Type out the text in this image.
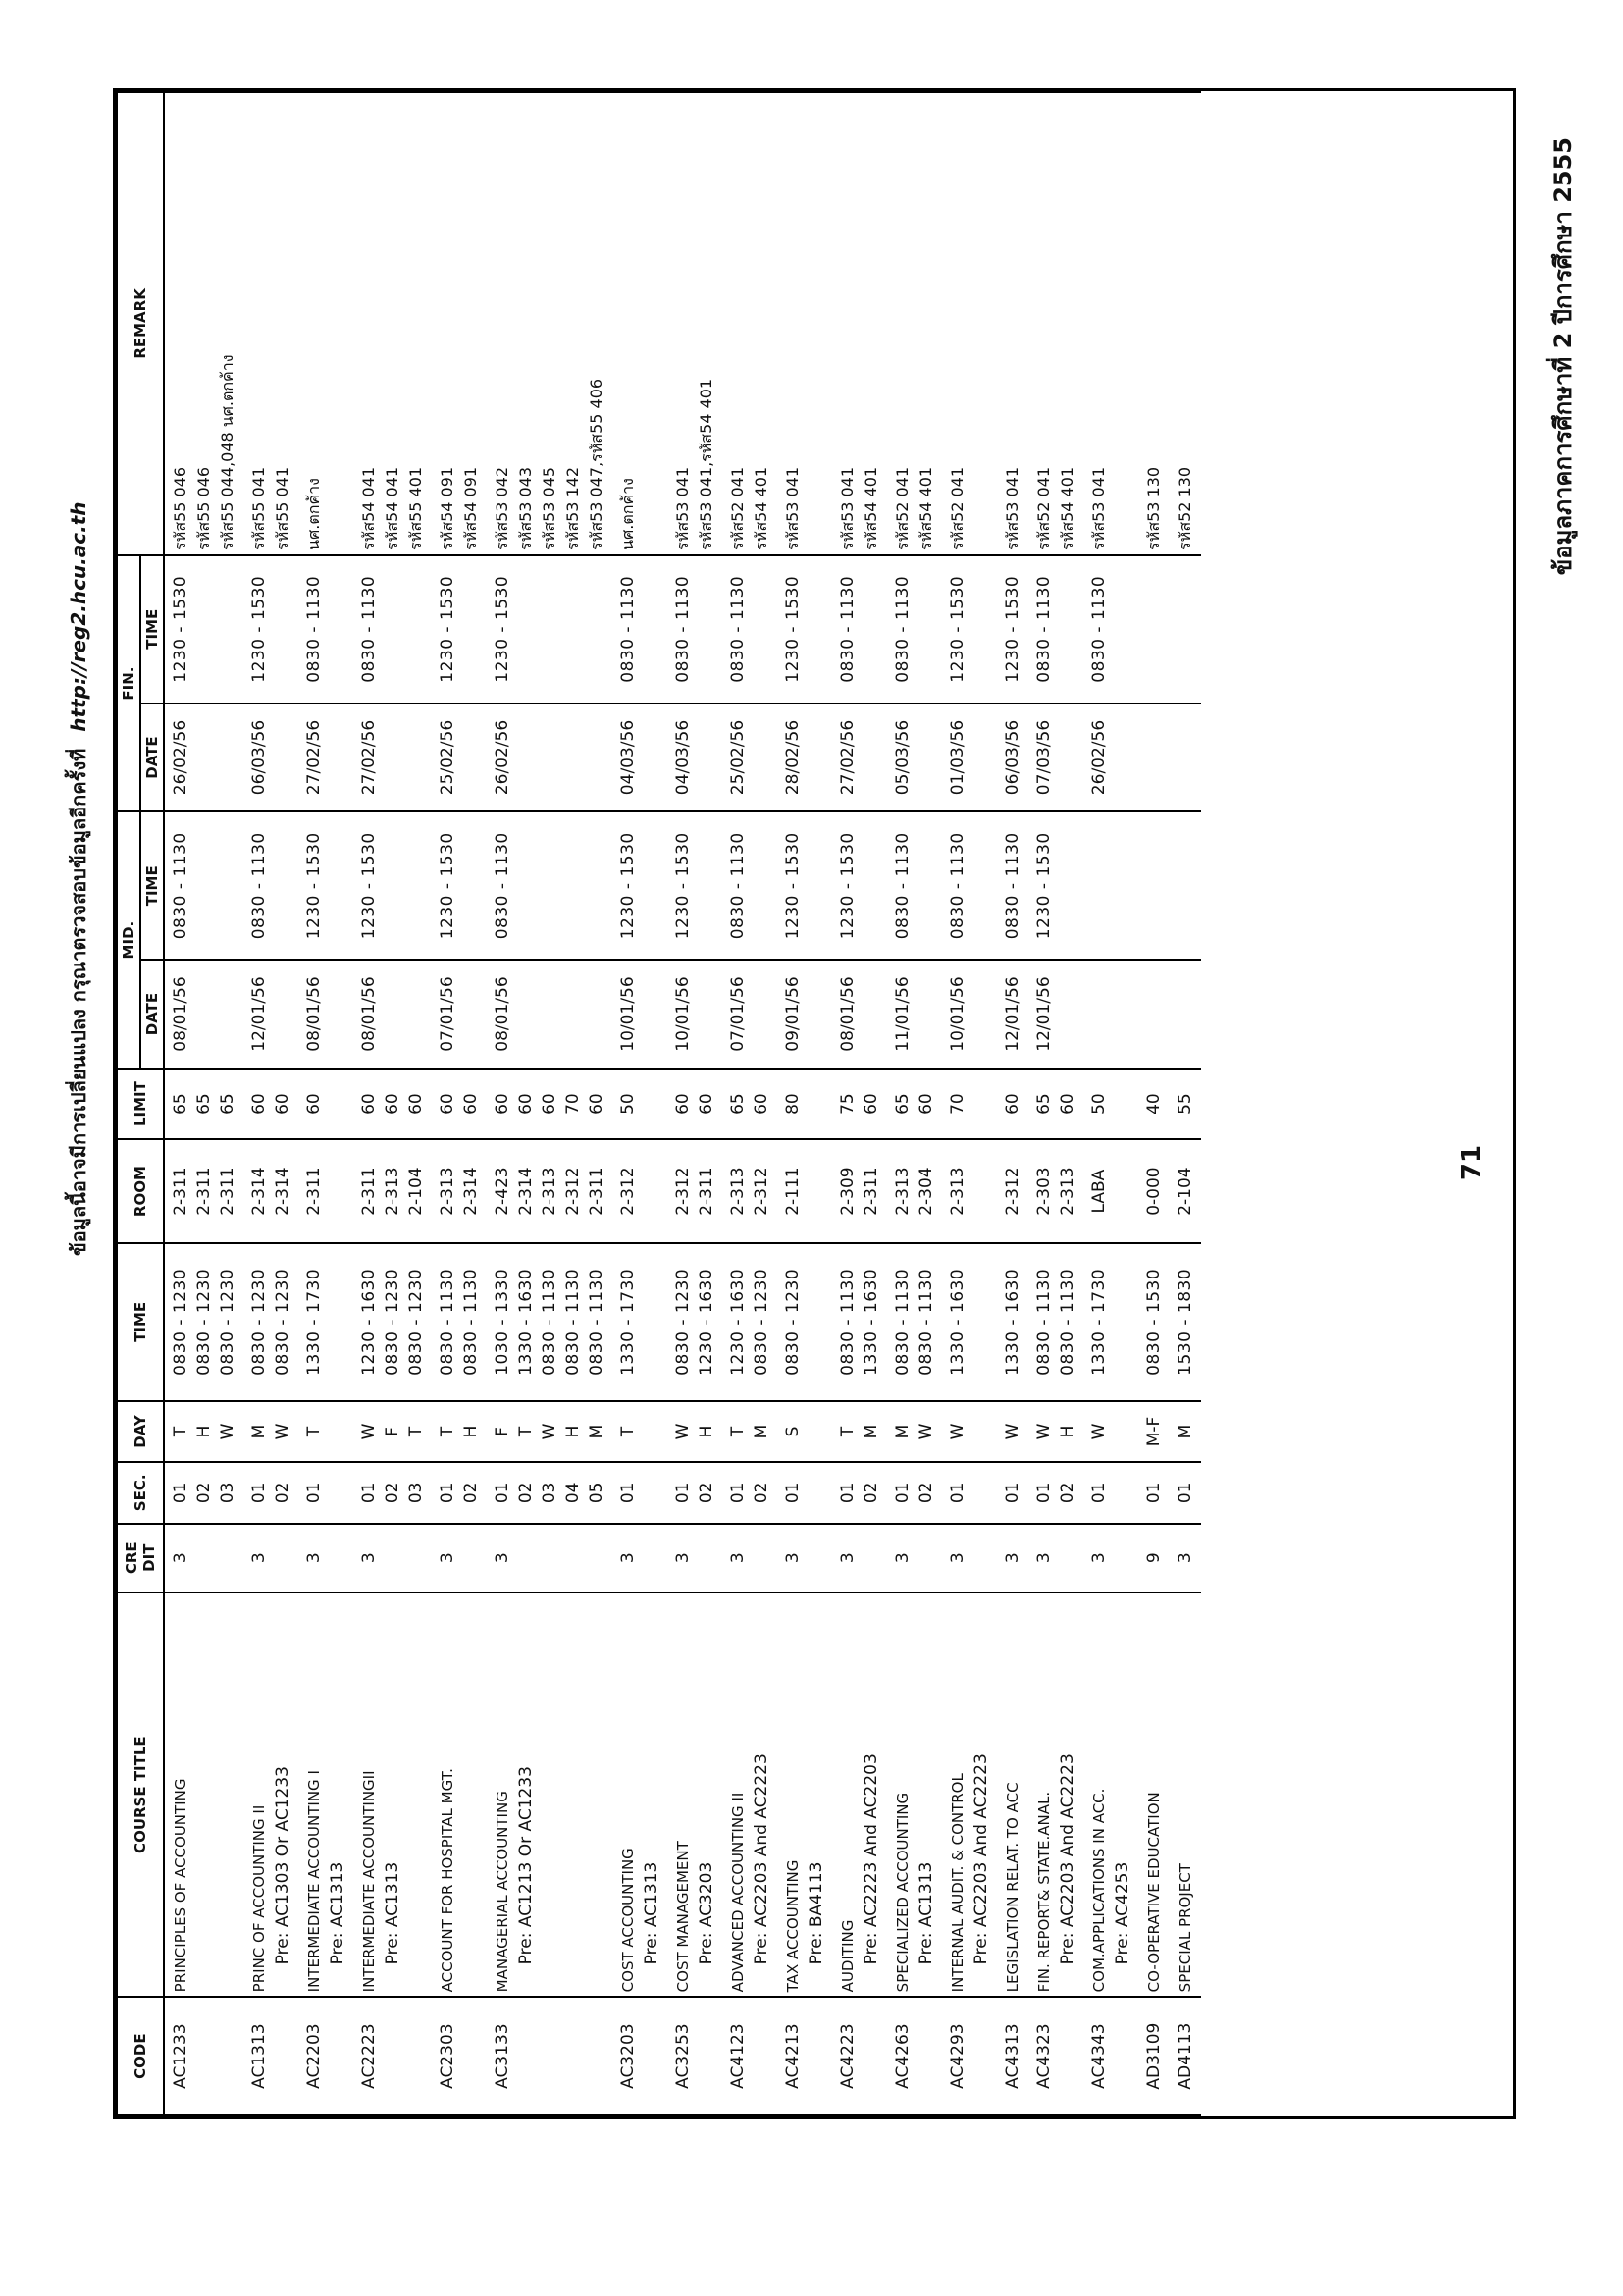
71
ข้อมูลภาคการศึกษาที่ 2 ปีการศึกษา 2555
CODE	COURSE TITLE	CRE DIT	SEC.	DAY	TIME	ROOM	LIMIT	MID.		FIN.		REMARK
								DATE	TIME	DATE	TIME	

AC1233	PRINCIPLES OF ACCOUNTING	3	01 02 03	T H W	0830 - 1230 0830 - 1230 0830 - 1230	2-311 2-311 2-311	65 65 65	08/01/56	0830 - 1130	26/02/56	1230 - 1530	รหัส55 046 รหัส55 046 รหัส55 044,048 นศ.ตกค้าง

AC1313	PRINC OF ACCOUNTING II Pre: AC1303 Or AC1233	3	01 02	M W	0830 - 1230 0830 - 1230	2-314 2-314	60 60	12/01/56	0830 - 1130	06/03/56	1230 - 1530	รหัส55 041 รหัส55 041

AC2203	INTERMEDIATE ACCOUNTING I Pre: AC1313	3	01	T	1330 - 1730	2-311	60	08/01/56	1230 - 1530	27/02/56	0830 - 1130	นศ.ตกค้าง

AC2223	INTERMEDIATE ACCOUNTINGII Pre: AC1313	3	01 02 03	W F T	1230 - 1630 0830 - 1230 0830 - 1230	2-311 2-313 2-104	60 60 60	08/01/56	1230 - 1530	27/02/56	0830 - 1130	รหัส54 041 รหัส54 041 รหัส55 401

AC2303	ACCOUNT FOR HOSPITAL MGT.	3	01 02	T H	0830 - 1130 0830 - 1130	2-313 2-314	60 60	07/01/56	1230 - 1530	25/02/56	1230 - 1530	รหัส54 091 รหัส54 091

AC3133	MANAGERIAL ACCOUNTING Pre: AC1213 Or AC1233	3	01 02 03 04 05	F T W H M	1030 - 1330 1330 - 1630 0830 - 1130 0830 - 1130 0830 - 1130	2-423 2-314 2-313 2-312 2-311	60 60 60 70 60	08/01/56	0830 - 1130	26/02/56	1230 - 1530	รหัส53 042 รหัส53 043 รหัส53 045 รหัส53 142 รหัส53 047,รหัส55 406

AC3203	COST ACCOUNTING Pre: AC1313	3	01	T	1330 - 1730	2-312	50	10/01/56	1230 - 1530	04/03/56	0830 - 1130	นศ.ตกค้าง

AC3253	COST MANAGEMENT Pre: AC3203	3	01 02	W H	0830 - 1230 1230 - 1630	2-312 2-311	60 60	10/01/56	1230 - 1530	04/03/56	0830 - 1130	รหัส53 041 รหัส53 041,รหัส54 401

AC4123	ADVANCED ACCOUNTING II Pre: AC2203 And AC2223	3	01 02	T M	1230 - 1630 0830 - 1230	2-313 2-312	65 60	07/01/56	0830 - 1130	25/02/56	0830 - 1130	รหัส52 041 รหัส54 401

AC4213	TAX ACCOUNTING Pre: BA4113	3	01	S	0830 - 1230	2-111	80	09/01/56	1230 - 1530	28/02/56	1230 - 1530	รหัส53 041

AC4223	AUDITING Pre: AC2223 And AC2203	3	01 02	T M	0830 - 1130 1330 - 1630	2-309 2-311	75 60	08/01/56	1230 - 1530	27/02/56	0830 - 1130	รหัส53 041 รหัส54 401

AC4263	SPECIALIZED ACCOUNTING Pre: AC1313	3	01 02	M W	0830 - 1130 0830 - 1130	2-313 2-304	65 60	11/01/56	0830 - 1130	05/03/56	0830 - 1130	รหัส52 041 รหัส54 401

AC4293	INTERNAL AUDIT. & CONTROL Pre: AC2203 And AC2223	3	01	W	1330 - 1630	2-313	70	10/01/56	0830 - 1130	01/03/56	1230 - 1530	รหัส52 041

AC4313	LEGISLATION RELAT. TO ACC	3	01	W	1330 - 1630	2-312	60	12/01/56	0830 - 1130	06/03/56	1230 - 1530	รหัส53 041

AC4323	FIN. REPORT& STATE.ANAL. Pre: AC2203 And AC2223	3	01 02	W H	0830 - 1130 0830 - 1130	2-303 2-313	65 60	12/01/56	1230 - 1530	07/03/56	0830 - 1130	รหัส52 041 รหัส54 401

AC4343	COM.APPLICATIONS IN ACC. Pre: AC4253	3	01	W	1330 - 1730	LABA	50			26/02/56	0830 - 1130	รหัส53 041

AD3109	CO-OPERATIVE EDUCATION	9	01	M-F	0830 - 1530	0-000	40					รหัส53 130

AD4113	SPECIAL PROJECT	3	01	M	1530 - 1830	2-104	55					รหัส52 130
ข้อมูลนี้อาจมีการเปลี่ยนแปลง กรุณาตรวจสอบข้อมูลอีกครั้งที่ http://reg2.hcu.ac.th
